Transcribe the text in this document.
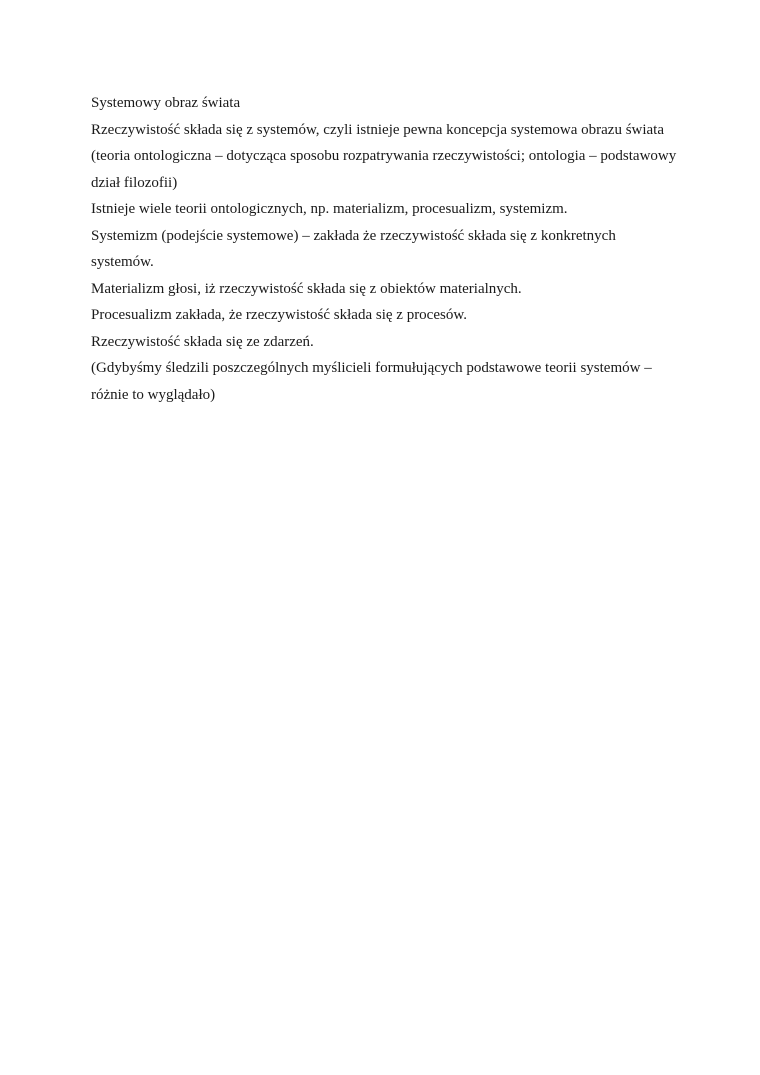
Systemowy obraz świata

Rzeczywistość składa się z systemów, czyli istnieje pewna koncepcja systemowa obrazu świata (teoria ontologiczna – dotycząca sposobu rozpatrywania rzeczywistości; ontologia – podstawowy dział filozofii)

Istnieje wiele teorii ontologicznych, np. materializm, procesualizm, systemizm.

Systemizm (podejście systemowe) – zakłada że rzeczywistość składa się z konkretnych systemów.

Materializm głosi, iż rzeczywistość składa się z obiektów materialnych.

Procesualizm zakłada, że rzeczywistość składa się z procesów.

Rzeczywistość składa się ze zdarzeń.

(Gdybyśmy śledzili poszczególnych myślicieli formułujących podstawowe teorii systemów – różnie to wyglądało)
